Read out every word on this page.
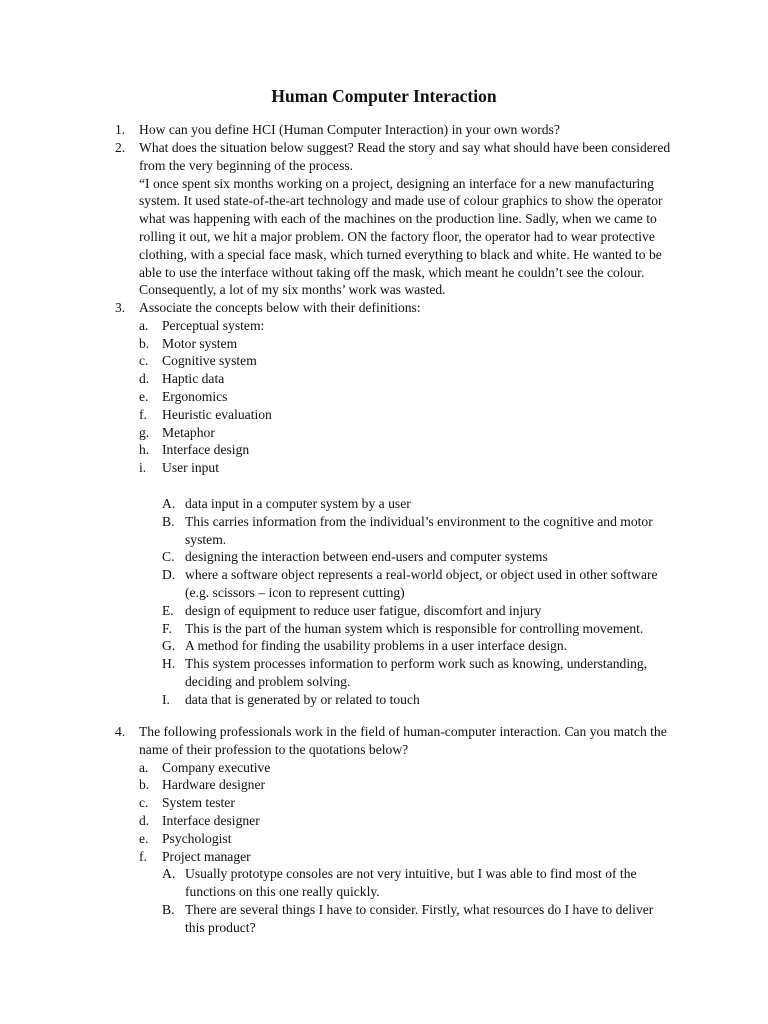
Human Computer Interaction
1. How can you define HCI (Human Computer Interaction) in your own words?
2. What does the situation below suggest? Read the story and say what should have been considered from the very beginning of the process.
“I once spent six months working on a project, designing an interface for a new manufacturing system. It used state-of-the-art technology and made use of colour graphics to show the operator what was happening with each of the machines on the production line. Sadly, when we came to rolling it out, we hit a major problem. ON the factory floor, the operator had to wear protective clothing, with a special face mask, which turned everything to black and white. He wanted to be able to use the interface without taking off the mask, which meant he couldn’t see the colour. Consequently, a lot of my six months’ work was wasted.
3. Associate the concepts below with their definitions:
a. Perceptual system:
b. Motor system
c. Cognitive system
d. Haptic data
e. Ergonomics
f. Heuristic evaluation
g. Metaphor
h. Interface design
i. User input
A. data input in a computer system by a user
B. This carries information from the individual’s environment to the cognitive and motor system.
C. designing the interaction between end-users and computer systems
D. where a software object represents a real-world object, or object used in other software (e.g. scissors – icon to represent cutting)
E. design of equipment to reduce user fatigue, discomfort and injury
F. This is the part of the human system which is responsible for controlling movement.
G. A method for finding the usability problems in a user interface design.
H. This system processes information to perform work such as knowing, understanding, deciding and problem solving.
I. data that is generated by or related to touch
4. The following professionals work in the field of human-computer interaction. Can you match the name of their profession to the quotations below?
a. Company executive
b. Hardware designer
c. System tester
d. Interface designer
e. Psychologist
f. Project manager
A. Usually prototype consoles are not very intuitive, but I was able to find most of the functions on this one really quickly.
B. There are several things I have to consider. Firstly, what resources do I have to deliver this product?
